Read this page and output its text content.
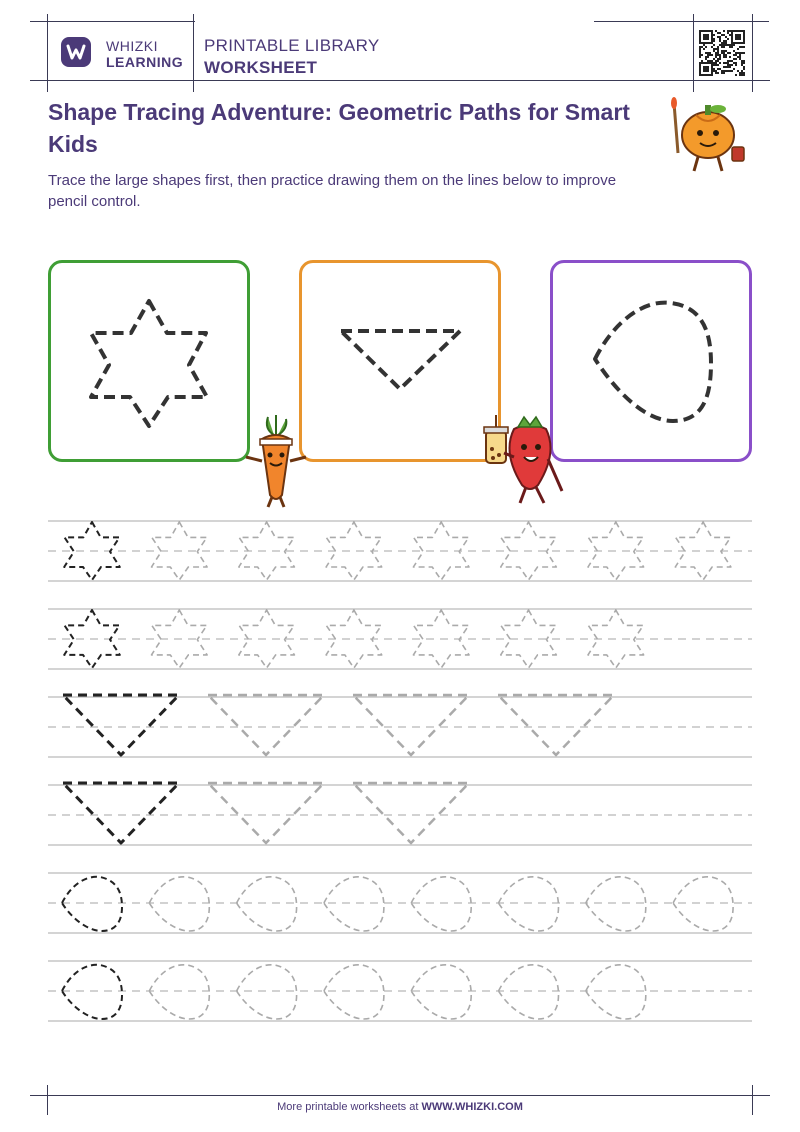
WHIZKI
LEARNING
PRINTABLE LIBRARY
WORKSHEET
Shape Tracing Adventure: Geometric Paths for Smart Kids
Trace the large shapes first, then practice drawing them on the lines below to improve pencil control.
More printable worksheets at WWW.WHIZKI.COM
